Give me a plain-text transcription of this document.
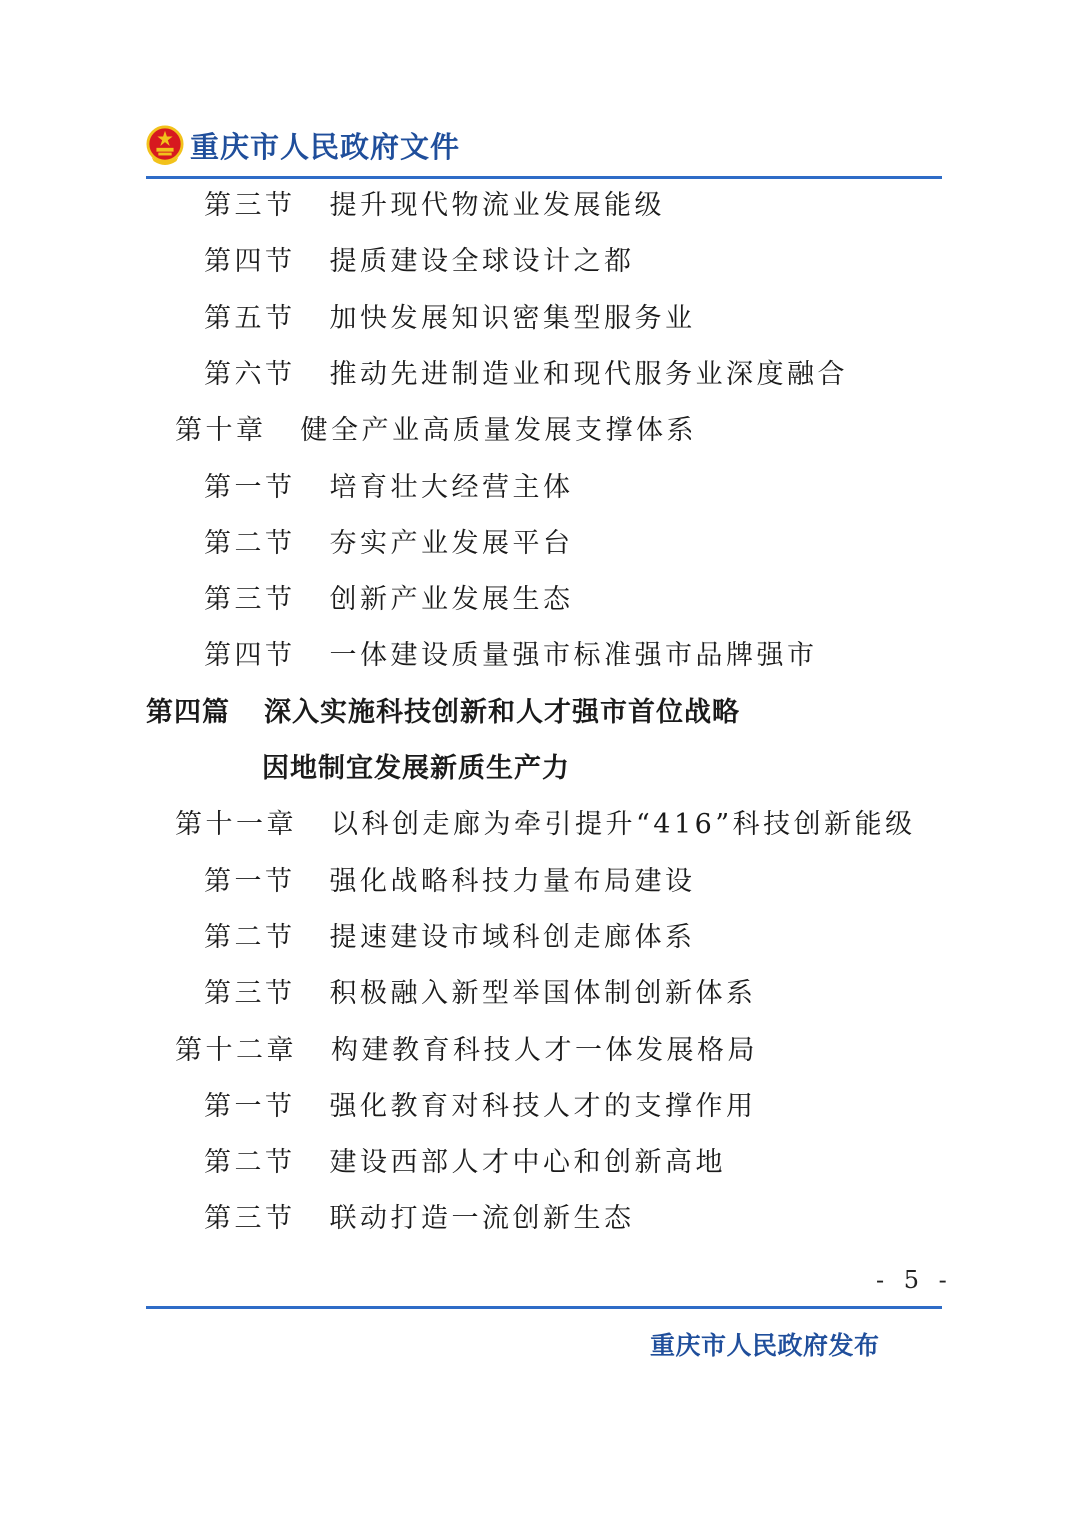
重庆市人民政府文件
第三节 提升现代物流业发展能级
第四节 提质建设全球设计之都
第五节 加快发展知识密集型服务业
第六节 推动先进制造业和现代服务业深度融合
第十章 健全产业高质量发展支撑体系
第一节 培育壮大经营主体
第二节 夯实产业发展平台
第三节 创新产业发展生态
第四节 一体建设质量强市标准强市品牌强市
第四篇 深入实施科技创新和人才强市首位战略
因地制宜发展新质生产力
第十一章 以科创走廊为牵引提升“416”科技创新能级
第一节 强化战略科技力量布局建设
第二节 提速建设市域科创走廊体系
第三节 积极融入新型举国体制创新体系
第十二章 构建教育科技人才一体发展格局
第一节 强化教育对科技人才的支撑作用
第二节 建设西部人才中心和创新高地
第三节 联动打造一流创新生态
- 5 -
重庆市人民政府发布
